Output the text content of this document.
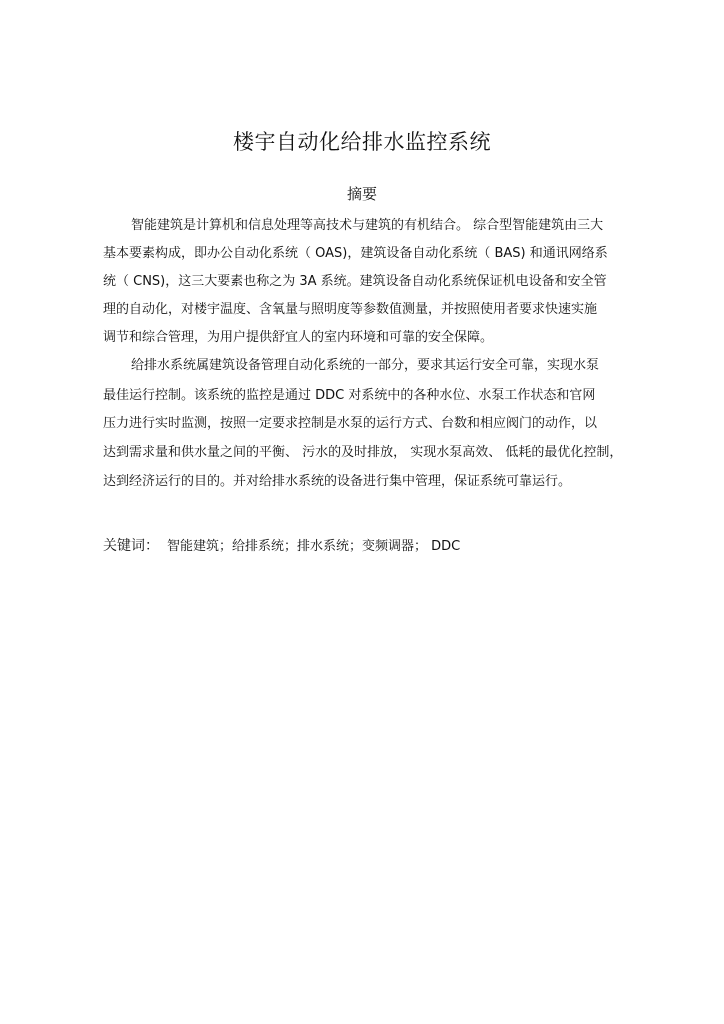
楼宇自动化给排水监控系统
摘要
智能建筑是计算机和信息处理等高技术与建筑的有机结合。 综合型智能建筑由三大
基本要素构成，即办公自动化系统（ OAS)，建筑设备自动化系统（ BAS) 和通讯网络系
统（ CNS)，这三大要素也称之为 3A 系统。建筑设备自动化系统保证机电设备和安全管
理的自动化，对楼宇温度、含氧量与照明度等参数值测量，并按照使用者要求快速实施
调节和综合管理，为用户提供舒宜人的室内环境和可靠的安全保障。
给排水系统属建筑设备管理自动化系统的一部分，要求其运行安全可靠，实现水泵
最佳运行控制。该系统的监控是通过 DDC 对系统中的各种水位、水泵工作状态和官网
压力进行实时监测，按照一定要求控制是水泵的运行方式、台数和相应阀门的动作，以
达到需求量和供水量之间的平衡、 污水的及时排放， 实现水泵高效、 低耗的最优化控制，
达到经济运行的目的。并对给排水系统的设备进行集中管理，保证系统可靠运行。
关键词： 智能建筑；给排系统；排水系统；变频调器； DDC
